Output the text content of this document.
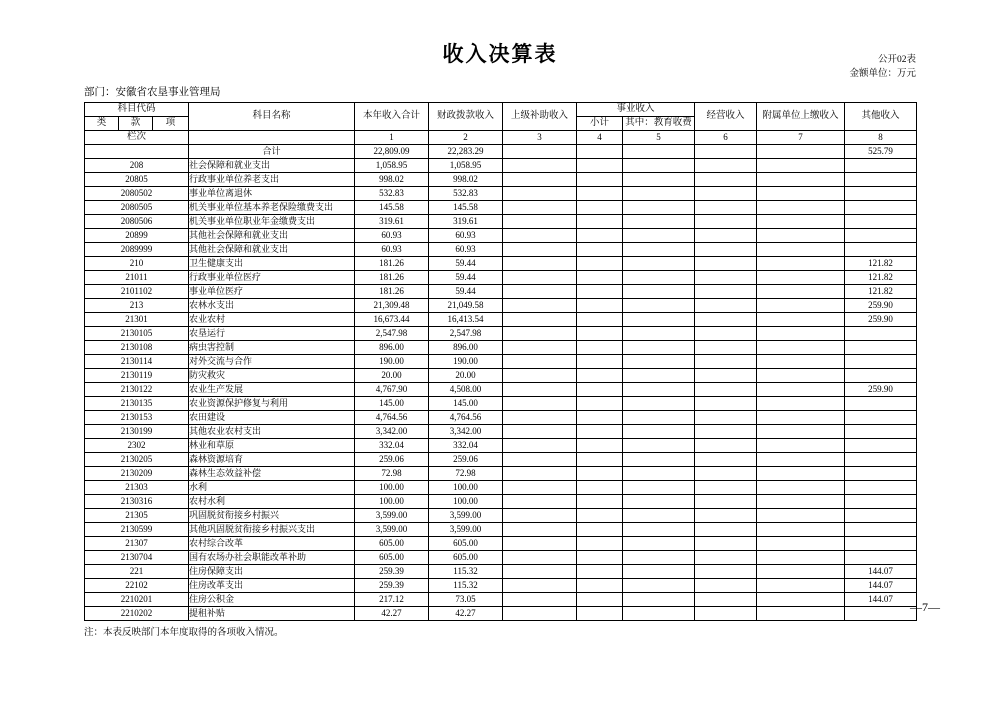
收入决算表	公开02表
金额单位：万元
部门：安徽省农垦事业管理局
科目代码			科目名称	本年收入合计	财政拨款收入	上级补助收入	事业收入		经营收入	附属单位上缴收入	其他收入
类	款	项					小计	其中：教育收费			
栏次				1	2	3	4	5	6	7	8
			合计	22,809.09	22,283.29						525.79
208			社会保障和就业支出	1,058.95	1,058.95						
20805			行政事业单位养老支出	998.02	998.02						
2080502			事业单位离退休	532.83	532.83						
2080505			机关事业单位基本养老保险缴费支出	145.58	145.58						
2080506			机关事业单位职业年金缴费支出	319.61	319.61						
20899			其他社会保障和就业支出	60.93	60.93						
2089999			其他社会保障和就业支出	60.93	60.93						
210			卫生健康支出	181.26	59.44						121.82
21011			行政事业单位医疗	181.26	59.44						121.82
2101102			事业单位医疗	181.26	59.44						121.82
213			农林水支出	21,309.48	21,049.58						259.90
21301			农业农村	16,673.44	16,413.54						259.90
2130105			农垦运行	2,547.98	2,547.98						
2130108			病虫害控制	896.00	896.00						
2130114			对外交流与合作	190.00	190.00						
2130119			防灾救灾	20.00	20.00						
2130122			农业生产发展	4,767.90	4,508.00						259.90
2130135			农业资源保护修复与利用	145.00	145.00						
2130153			农田建设	4,764.56	4,764.56						
2130199			其他农业农村支出	3,342.00	3,342.00						
2302			林业和草原	332.04	332.04						
2130205			森林资源培育	259.06	259.06						
2130209			森林生态效益补偿	72.98	72.98						
21303			水利	100.00	100.00						
2130316			农村水利	100.00	100.00						
21305			巩固脱贫衔接乡村振兴	3,599.00	3,599.00						
2130599			其他巩固脱贫衔接乡村振兴支出	3,599.00	3,599.00						
21307			农村综合改革	605.00	605.00						
2130704			国有农场办社会职能改革补助	605.00	605.00						
221			住房保障支出	259.39	115.32						144.07
22102			住房改革支出	259.39	115.32						144.07
2210201			住房公积金	217.12	73.05						144.07
2210202			提租补贴	42.27	42.27						
注：本表反映部门本年度取得的各项收入情况。
—7—
